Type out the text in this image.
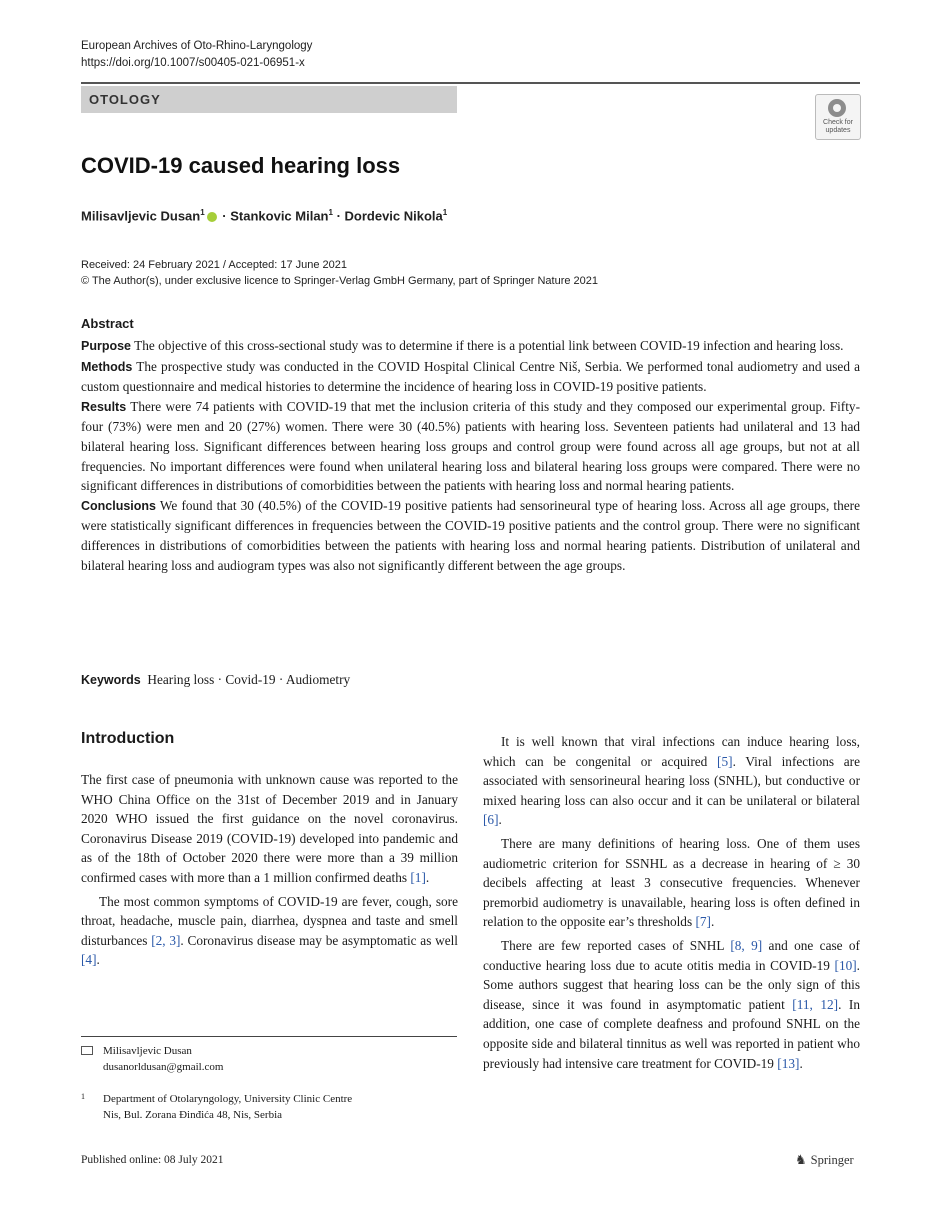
European Archives of Oto-Rhino-Laryngology
https://doi.org/10.1007/s00405-021-06951-x
OTOLOGY
Check for updates
COVID-19 caused hearing loss
Milisavljevic Dusan$^1$ · Stankovic Milan$^1$ · Dordevic Nikola$^1$
Received: 24 February 2021 / Accepted: 17 June 2021
© The Author(s), under exclusive licence to Springer-Verlag GmbH Germany, part of Springer Nature 2021
Abstract

Purpose The objective of this cross-sectional study was to determine if there is a potential link between COVID-19 infection and hearing loss.

Methods The prospective study was conducted in the COVID Hospital Clinical Centre Niš, Serbia. We performed tonal audiometry and used a custom questionnaire and medical histories to determine the incidence of hearing loss in COVID-19 positive patients.

Results There were 74 patients with COVID-19 that met the inclusion criteria of this study and they composed our experimental group. Fifty-four (73%) were men and 20 (27%) women. There were 30 (40.5%) patients with hearing loss. Seventeen patients had unilateral and 13 had bilateral hearing loss. Significant differences between hearing loss groups and control group were found across all age groups, but not at all frequencies. No important differences were found when unilateral hearing loss and bilateral hearing loss groups were compared. There were no significant differences in distributions of comorbidities between the patients with hearing loss and normal hearing patients.

Conclusions We found that 30 (40.5%) of the COVID-19 positive patients had sensorineural type of hearing loss. Across all age groups, there were statistically significant differences in frequencies between the COVID-19 positive patients and the control group. There were no significant differences in distributions of comorbidities between the patients with hearing loss and normal hearing patients. Distribution of unilateral and bilateral hearing loss and audiogram types was also not significantly different between the age groups.

Keywords Hearing loss · Covid-19 · Audiometry
Introduction

The first case of pneumonia with unknown cause was reported to the WHO China Office on the 31st of December 2019 and in January 2020 WHO issued the first guidance on the novel coronavirus. Coronavirus Disease 2019 (COVID-19) developed into pandemic and as of the 18th of October 2020 there were more than a 39 million confirmed cases with more than a 1 million confirmed deaths [1].

The most common symptoms of COVID-19 are fever, cough, sore throat, headache, muscle pain, diarrhea, dyspnea and taste and smell disturbances [2, 3]. Coronavirus disease may be asymptomatic as well [4].

It is well known that viral infections can induce hearing loss, which can be congenital or acquired [5]. Viral infections are associated with sensorineural hearing loss (SNHL), but conductive or mixed hearing loss can also occur and it can be unilateral or bilateral [6].

There are many definitions of hearing loss. One of them uses audiometric criterion for SSNHL as a decrease in hearing of ≥ 30 decibels affecting at least 3 consecutive frequencies. Whenever premorbid audiometry is unavailable, hearing loss is often defined in relation to the opposite ear’s thresholds [7].

There are few reported cases of SNHL [8, 9] and one case of conductive hearing loss due to acute otitis media in COVID-19 [10]. Some authors suggest that hearing loss can be the only sign of this disease, since it was found in asymptomatic patient [11, 12]. In addition, one case of complete deafness and profound SNHL on the opposite side and bilateral tinnitus as well was reported in patient who previously had intensive care treatment for COVID-19 [13].

Milisavljevic Dusan
dusanorldusan@gmail.com
1 Department of Otolaryngology, University Clinic Centre
Nis, Bul. Zorana Đinđića 48, Nis, Serbia
Published online: 08 July 2021	♞ Springer
